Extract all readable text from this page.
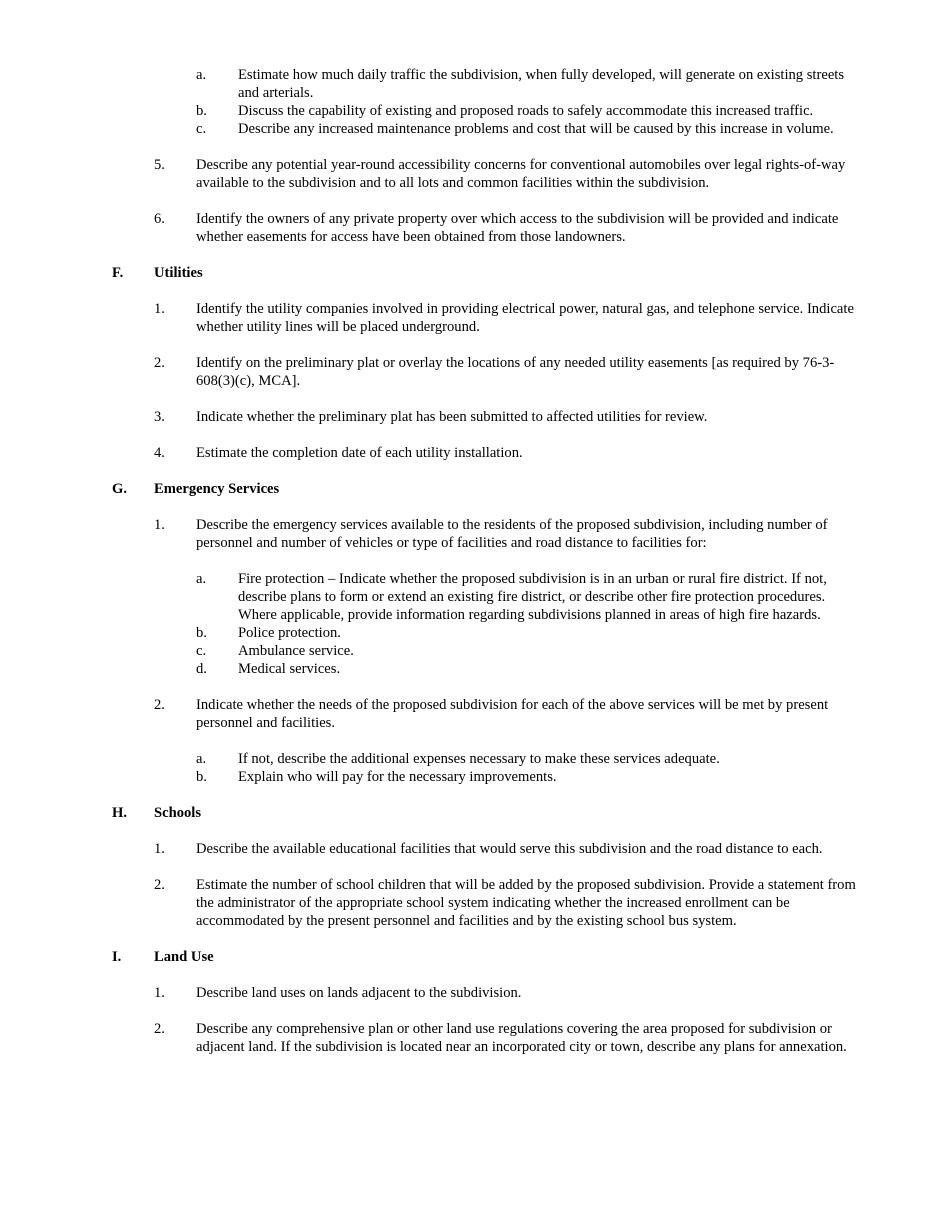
a. Estimate how much daily traffic the subdivision, when fully developed, will generate on existing streets and arterials.
b. Discuss the capability of existing and proposed roads to safely accommodate this increased traffic.
c. Describe any increased maintenance problems and cost that will be caused by this increase in volume.
5. Describe any potential year-round accessibility concerns for conventional automobiles over legal rights-of-way available to the subdivision and to all lots and common facilities within the subdivision.
6. Identify the owners of any private property over which access to the subdivision will be provided and indicate whether easements for access have been obtained from those landowners.
F. Utilities
1. Identify the utility companies involved in providing electrical power, natural gas, and telephone service. Indicate whether utility lines will be placed underground.
2. Identify on the preliminary plat or overlay the locations of any needed utility easements [as required by 76-3-608(3)(c), MCA].
3. Indicate whether the preliminary plat has been submitted to affected utilities for review.
4. Estimate the completion date of each utility installation.
G. Emergency Services
1. Describe the emergency services available to the residents of the proposed subdivision, including number of personnel and number of vehicles or type of facilities and road distance to facilities for:
a. Fire protection – Indicate whether the proposed subdivision is in an urban or rural fire district. If not, describe plans to form or extend an existing fire district, or describe other fire protection procedures. Where applicable, provide information regarding subdivisions planned in areas of high fire hazards.
b. Police protection.
c. Ambulance service.
d. Medical services.
2. Indicate whether the needs of the proposed subdivision for each of the above services will be met by present personnel and facilities.
a. If not, describe the additional expenses necessary to make these services adequate.
b. Explain who will pay for the necessary improvements.
H. Schools
1. Describe the available educational facilities that would serve this subdivision and the road distance to each.
2. Estimate the number of school children that will be added by the proposed subdivision. Provide a statement from the administrator of the appropriate school system indicating whether the increased enrollment can be accommodated by the present personnel and facilities and by the existing school bus system.
I. Land Use
1. Describe land uses on lands adjacent to the subdivision.
2. Describe any comprehensive plan or other land use regulations covering the area proposed for subdivision or adjacent land. If the subdivision is located near an incorporated city or town, describe any plans for annexation.
